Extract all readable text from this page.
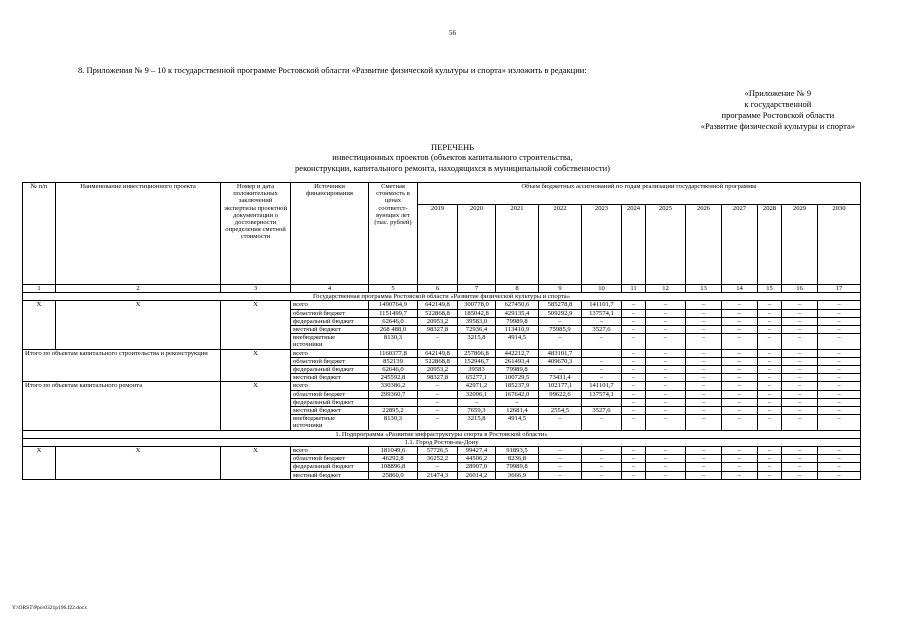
56
8. Приложения № 9 – 10 к государственной программе Ростовской области «Развитие физической культуры и спорта» изложить в редакции:
«Приложение № 9
к государственной
программе Ростовской области
«Развитие физической культуры и спорта»
ПЕРЕЧЕНЬ
инвестиционных проектов (объектов капитального строительства,
реконструкции, капитального ремонта, находящихся в муниципальной собственности)
№ п/п	Наименование инвестиционного проекта	Номер и дата положительных заключений экспертизы проектной документации о достоверности определения сметной стоимости	Источники финансирования	Сметная стоимость в ценах соответст-вующих лет (тыс. рублей)	Объем бюджетных ассигнований по годам реализации государственной программы											
					2019	2020	2021	2022	2023	2024	2025	2026	2027	2028	2029	2030
1	2	3	4	5	6	7	8	9	10	11	12	13	14	15	16	17
Государственная программа Ростовской области «Развитие физической культуры и спорта»																
Х	Х	Х	всего	1490764,9	642149,8	300778,0	627450,6	585278,8	141101,7	–	–	–	–	–	–	–
			областной бюджет	1151499,7	522868,8	185042,8	429135,4	509292,9	137574,1	–	–	–	–	–	–	–
			федеральный бюджет	62646,0	20953,2	39583,0	79989,8	–	–	–	–	–	–	–	–	–
			местный бюджет	268 488,0	98327,8	72936,4	113410,9	75985,9	3527,6	–	–	–	–	–	–	–
			внебюджетные источники	8130,3	–	3215,8	4914,5	–	–	–	–	–	–	–	–	–
Итого по объектам капитального строительства и реконструкции		Х	всего	1160377,8	642149,8	257806,8	442212,7	483101,7		–	–	–	–	–	–	–
			областной бюджет	852139	522868,8	152946,7	261493,4	409670,3	–	–	–	–	–	–	–	–
			федеральный бюджет	62646,0	20953,2	39583	79989,8	–	–	–	–	–	–	–	–	–
			местный бюджет	245592,8	98327,8	65277,1	100729,5	73431,4	–	–	–	–	–	–	–	–
Итого по объектам капитального ремонта		Х	всего	330386,2	–	42971,2	185237,9	102177,1	141101,7	–	–	–	–	–	–	–
			областной бюджет	299360,7	–	32096,1	167642,0	99622,6	137574,1	–	–	–	–	–	–	–
			федеральный бюджет		–	–	–			–	–	–	–	–	–	–
			местный бюджет	22895,2	–	7659,3	12681,4	2554,5	3527,6	–	–	–	–	–	–	–
			внебюджетные источники	8130,3	–	3215,8	4914,5	–	–	–	–	–	–	–	–	–
1. Подпрограмма «Развитие инфраструктуры спорта в Ростовской области»																
1.1. Город Ростов-на-Дону																
Х	Х	Х	всего	181049,6	57726,5	99427,4	91893,5	–	–	–	–	–	–	–	–	–
			областной бюджет	46292,8	36252,2	44506,2	8236,8	–	–	–	–	–	–	–	–	–
			федеральный бюджет	108896,8	–	28907,0	79989,8	–	–	–	–	–	–	–	–	–
			местный бюджет	25860,0	21474,3	26014,2	3666,9	–	–	–	–	–	–	–	–	–
Y:\ORST\Ppo\0321p196.f22.docx
